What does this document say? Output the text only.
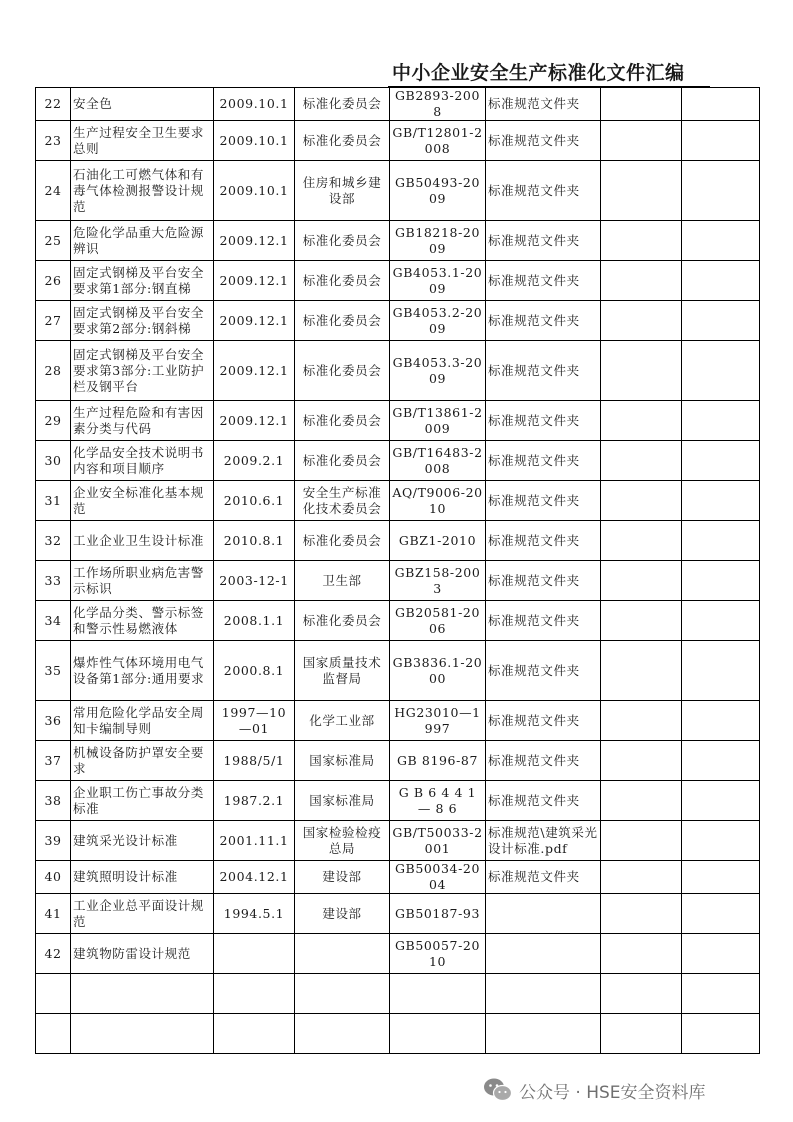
中小企业安全生产标准化文件汇编
22	安全色	2009.10.1	标准化委员会	GB2893-2008	标准规范文件夹		
23	生产过程安全卫生要求总则	2009.10.1	标准化委员会	GB/T12801-2008	标准规范文件夹		
24	石油化工可燃气体和有毒气体检测报警设计规范	2009.10.1	住房和城乡建设部	GB50493-2009	标准规范文件夹		
25	危险化学品重大危险源辨识	2009.12.1	标准化委员会	GB18218-2009	标准规范文件夹		
26	固定式钢梯及平台安全要求第1部分:钢直梯	2009.12.1	标准化委员会	GB4053.1-2009	标准规范文件夹		
27	固定式钢梯及平台安全要求第2部分:钢斜梯	2009.12.1	标准化委员会	GB4053.2-2009	标准规范文件夹		
28	固定式钢梯及平台安全要求第3部分:工业防护栏及钢平台	2009.12.1	标准化委员会	GB4053.3-2009	标准规范文件夹		
29	生产过程危险和有害因素分类与代码	2009.12.1	标准化委员会	GB/T13861-2009	标准规范文件夹		
30	化学品安全技术说明书内容和项目顺序	2009.2.1	标准化委员会	GB/T16483-2008	标准规范文件夹		
31	企业安全标准化基本规范	2010.6.1	安全生产标准化技术委员会	AQ/T9006-2010	标准规范文件夹		
32	工业企业卫生设计标准	2010.8.1	标准化委员会	GBZ1-2010	标准规范文件夹		
33	工作场所职业病危害警示标识	2003-12-1	卫生部	GBZ158-2003	标准规范文件夹		
34	化学品分类、警示标签和警示性易燃液体	2008.1.1	标准化委员会	GB20581-2006	标准规范文件夹		
35	爆炸性气体环境用电气设备第1部分:通用要求	2000.8.1	国家质量技术监督局	GB3836.1-2000	标准规范文件夹		
36	常用危险化学品安全周知卡编制导则	1997—10—01	化学工业部	HG23010—1997	标准规范文件夹		
37	机械设备防护罩安全要求	1988/5/1	国家标准局	GB 8196-87	标准规范文件夹		
38	企业职工伤亡事故分类标准	1987.2.1	国家标准局	G B 6 4 4 1 — 8 6	标准规范文件夹		
39	建筑采光设计标准	2001.11.1	国家检验检疫总局	GB/T50033-2001	标准规范\建筑采光设计标准.pdf		
40	建筑照明设计标准	2004.12.1	建设部	GB50034-2004	标准规范文件夹		
41	工业企业总平面设计规范	1994.5.1	建设部	GB50187-93			
42	建筑物防雷设计规范			GB50057-2010			

公众号 · HSE安全资料库
